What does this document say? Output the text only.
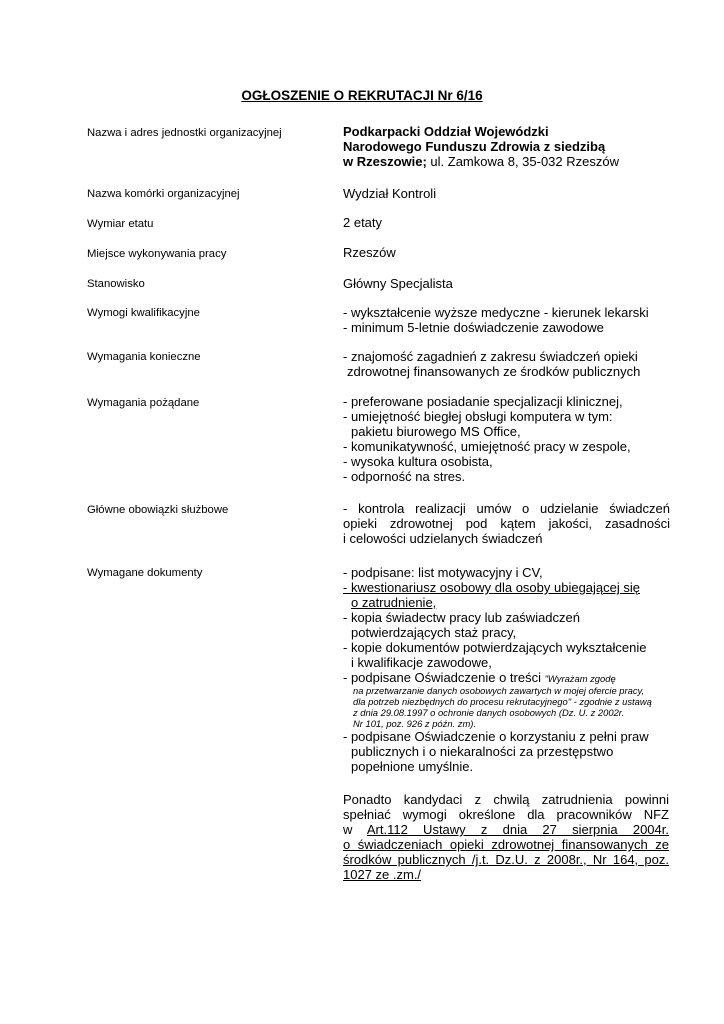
OGŁOSZENIE O REKRUTACJI Nr 6/16
Nazwa i adres jednostki organizacyjnej	Podkarpacki Oddział Wojewódzki
Narodowego Funduszu Zdrowia z siedzibą
w Rzeszowie; ul. Zamkowa 8, 35-032 Rzeszów
Nazwa komórki organizacyjnej	Wydział Kontroli
Wymiar etatu	2 etaty
Miejsce wykonywania pracy	Rzeszów
Stanowisko	Główny Specjalista
Wymogi kwalifikacyjne	- wykształcenie wyższe medyczne - kierunek lekarski
- minimum 5-letnie doświadczenie zawodowe
Wymagania konieczne	- znajomość zagadnień z zakresu świadczeń opieki
zdrowotnej finansowanych ze środków publicznych
Wymagania pożądane	- preferowane posiadanie specjalizacji klinicznej,
- umiejętność biegłej obsługi komputera w tym:
pakietu biurowego MS Office,
- komunikatywność, umiejętność pracy w zespole,
- wysoka kultura osobista,
- odporność na stres.
Główne obowiązki służbowe	- kontrola realizacji umów o udzielanie świadczeń
opieki zdrowotnej pod kątem jakości, zasadności
i celowości udzielanych świadczeń
Wymagane dokumenty	- podpisane: list motywacyjny i CV,
- kwestionariusz osobowy dla osoby ubiegającej się
o zatrudnienie,
- kopia świadectw pracy lub zaświadczeń
potwierdzających staż pracy,
- kopie dokumentów potwierdzających wykształcenie
i kwalifikacje zawodowe,
- podpisane Oświadczenie o treści "Wyrażam zgodę
na przetwarzanie danych osobowych zawartych w mojej ofercie pracy,
dla potrzeb niezbędnych do procesu rekrutacyjnego" - zgodnie z ustawą
z dnia 29.08.1997 o ochronie danych osobowych (Dz. U. z 2002r.
Nr 101, poz. 926 z późn. zm).
- podpisane Oświadczenie o korzystaniu z pełni praw
publicznych i o niekaralności za przestępstwo
popełnione umyślnie.
Ponadto kandydaci z chwilą zatrudnienia powinni
spełniać wymogi określone dla pracowników NFZ
w Art.112 Ustawy z dnia 27 sierpnia 2004r.
o świadczeniach opieki zdrowotnej finansowanych ze
środków publicznych /j.t. Dz.U. z 2008r., Nr 164, poz.
1027 ze .zm./
